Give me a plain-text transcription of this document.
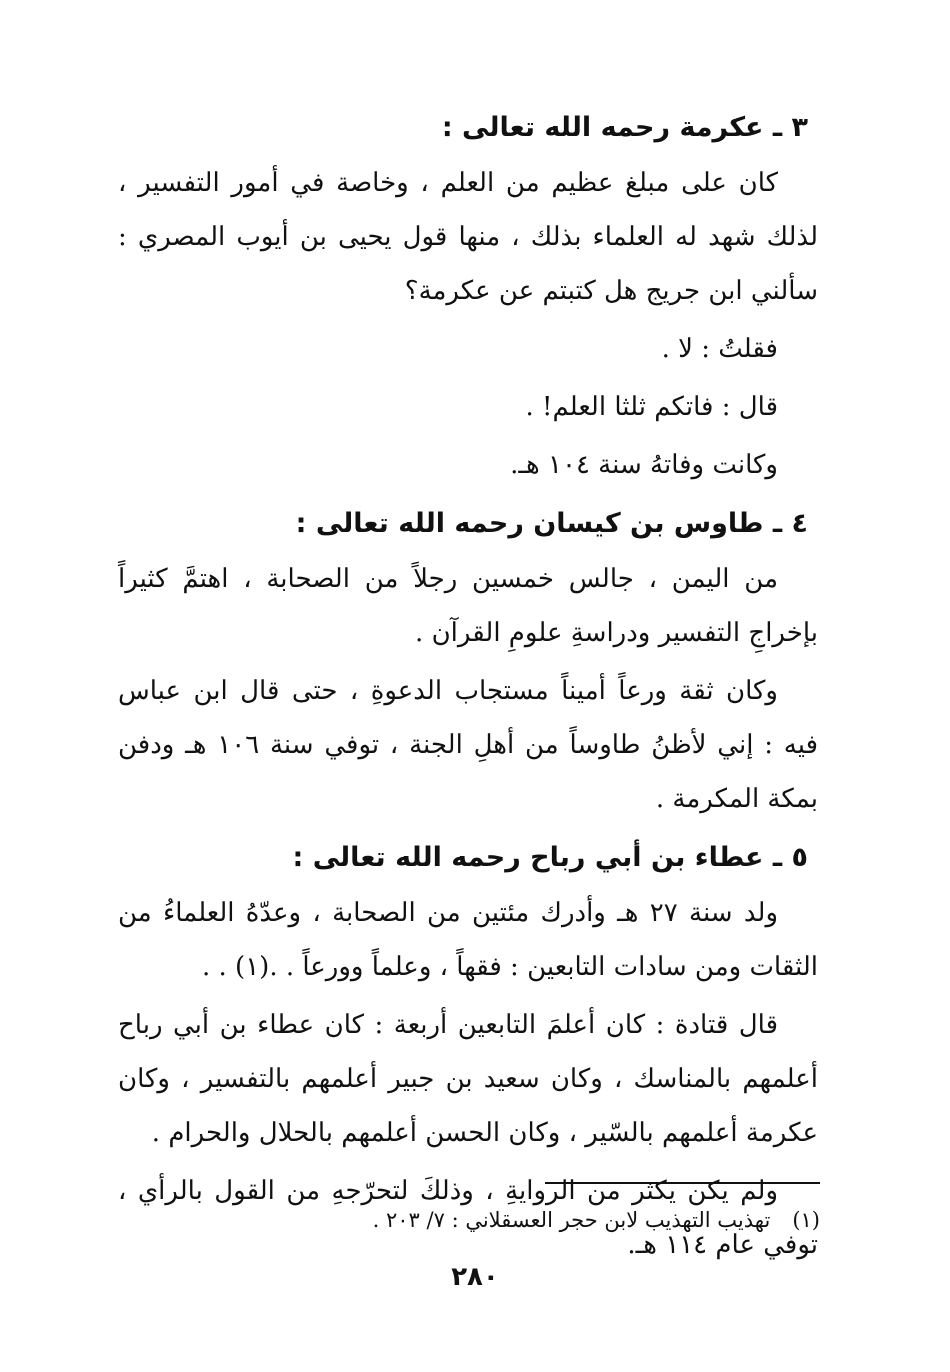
٣ ـ عكرمة رحمه الله تعالى :

كان على مبلغ عظيم من العلم ، وخاصة في أمور التفسير ، لذلك شهد له العلماء بذلك ، منها قول يحيى بن أيوب المصري : سألني ابن جريج هل كتبتم عن عكرمة؟

فقلتُ : لا .

قال : فاتكم ثلثا العلم! .

وكانت وفاتهُ سنة ١٠٤ هـ.

٤ ـ طاوس بن كيسان رحمه الله تعالى :

من اليمن ، جالس خمسين رجلاً من الصحابة ، اهتمَّ كثيراً بإخراجِ التفسير ودراسةِ علومِ القرآن .

وكان ثقة ورعاً أميناً مستجاب الدعوةِ ، حتى قال ابن عباس فيه : إني لأظنُ طاوساً من أهلِ الجنة ، توفي سنة ١٠٦ هـ ودفن بمكة المكرمة .

٥ ـ عطاء بن أبي رباح رحمه الله تعالى :

ولد سنة ٢٧ هـ وأدرك مئتين من الصحابة ، وعدّهُ العلماءُ من الثقات ومن سادات التابعين : فقهاً ، وعلماً وورعاً . .(١) . .

قال قتادة : كان أعلمَ التابعين أربعة : كان عطاء بن أبي رباح أعلمهم بالمناسك ، وكان سعيد بن جبير أعلمهم بالتفسير ، وكان عكرمة أعلمهم بالسّير ، وكان الحسن أعلمهم بالحلال والحرام .

ولم يكن يكثر من الروايةِ ، وذلكَ لتحرّجهِ من القول بالرأي ، توفي عام ١١٤ هـ.

(١)تهذيب التهذيب لابن حجر العسقلاني : ٧/ ٢٠٣ .
٢٨٠
